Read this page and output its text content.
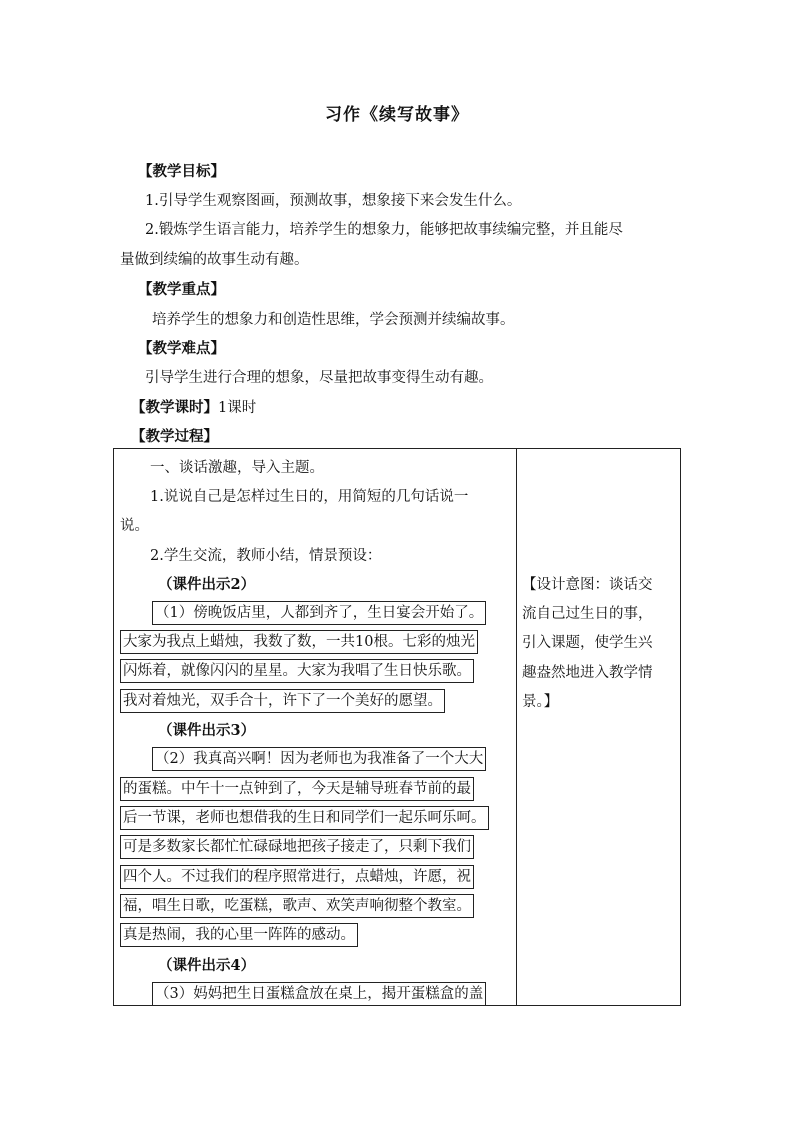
习作《续写故事》
【教学目标】
1.引导学生观察图画，预测故事，想象接下来会发生什么。
2.锻炼学生语言能力，培养学生的想象力，能够把故事续编完整，并且能尽
量做到续编的故事生动有趣。
【教学重点】
培养学生的想象力和创造性思维，学会预测并续编故事。
【教学难点】
引导学生进行合理的想象，尽量把故事变得生动有趣。
【教学课时】1课时
【教学过程】
一、谈话激趣，导入主题。
1.说说自己是怎样过生日的，用简短的几句话说一
说。
2.学生交流，教师小结，情景预设：
（课件出示2）
（1）傍晚饭店里，人都到齐了，生日宴会开始了。
大家为我点上蜡烛，我数了数，一共10根。七彩的烛光
闪烁着，就像闪闪的星星。大家为我唱了生日快乐歌。
我对着烛光，双手合十，许下了一个美好的愿望。
（课件出示3）
（2）我真高兴啊！因为老师也为我准备了一个大大
的蛋糕。中午十一点钟到了，今天是辅导班春节前的最
后一节课，老师也想借我的生日和同学们一起乐呵乐呵。
可是多数家长都忙忙碌碌地把孩子接走了，只剩下我们
四个人。不过我们的程序照常进行，点蜡烛，许愿，祝
福，唱生日歌，吃蛋糕，歌声、欢笑声响彻整个教室。
真是热闹，我的心里一阵阵的感动。
（课件出示4）
（3）妈妈把生日蛋糕盒放在桌上，揭开蛋糕盒的盖
【设计意图：谈话交
流自己过生日的事，
引入课题，使学生兴
趣盎然地进入教学情
景。】
